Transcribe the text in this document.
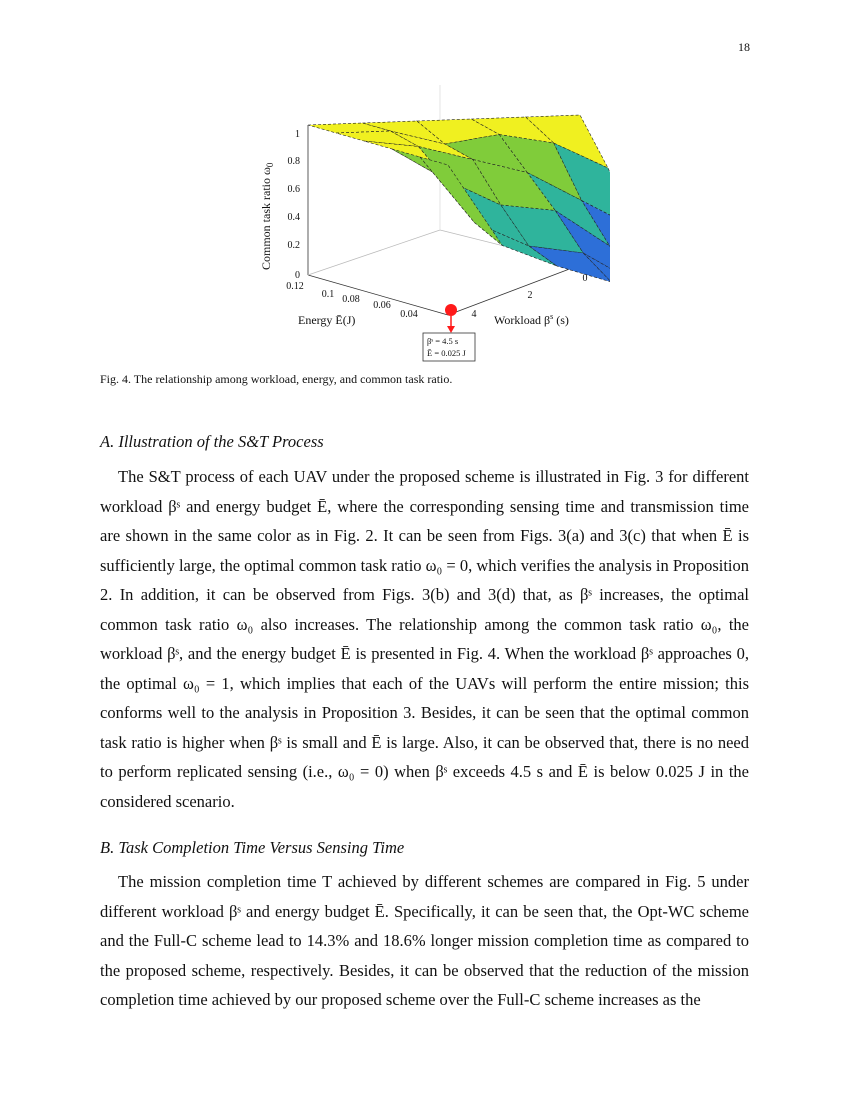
18
0
0.2
0.4
0.6
0.8
1
0.12
0.1 0.08
0.06
0.04
0
2
4
Common task ratio $\omega_0$
Energy Ē(J)	Workload $\beta^s$ (s)
βˢ = 4.5 s
Ē = 0.025 J
Fig. 4. The relationship among workload, energy, and common task ratio.
A. Illustration of the S&T Process

The S&T process of each UAV under the proposed scheme is illustrated in Fig. 3 for different workload βˢ and energy budget Ē, where the corresponding sensing time and transmission time are shown in the same color as in Fig. 2. It can be seen from Figs. 3(a) and 3(c) that when Ē is sufficiently large, the optimal common task ratio ω₀ = 0, which verifies the analysis in Proposition 2. In addition, it can be observed from Figs. 3(b) and 3(d) that, as βˢ increases, the optimal common task ratio ω₀ also increases. The relationship among the common task ratio ω₀, the workload βˢ, and the energy budget Ē is presented in Fig. 4. When the workload βˢ approaches 0, the optimal ω₀ = 1, which implies that each of the UAVs will perform the entire mission; this conforms well to the analysis in Proposition 3. Besides, it can be seen that the optimal common task ratio is higher when βˢ is small and Ē is large. Also, it can be observed that, there is no need to perform replicated sensing (i.e., ω₀ = 0) when βˢ exceeds 4.5 s and Ē is below 0.025 J in the considered scenario.

B. Task Completion Time Versus Sensing Time

The mission completion time T achieved by different schemes are compared in Fig. 5 under different workload βˢ and energy budget Ē. Specifically, it can be seen that, the Opt-WC scheme and the Full-C scheme lead to 14.3% and 18.6% longer mission completion time as compared to the proposed scheme, respectively. Besides, it can be observed that the reduction of the mission completion time achieved by our proposed scheme over the Full-C scheme increases as the
